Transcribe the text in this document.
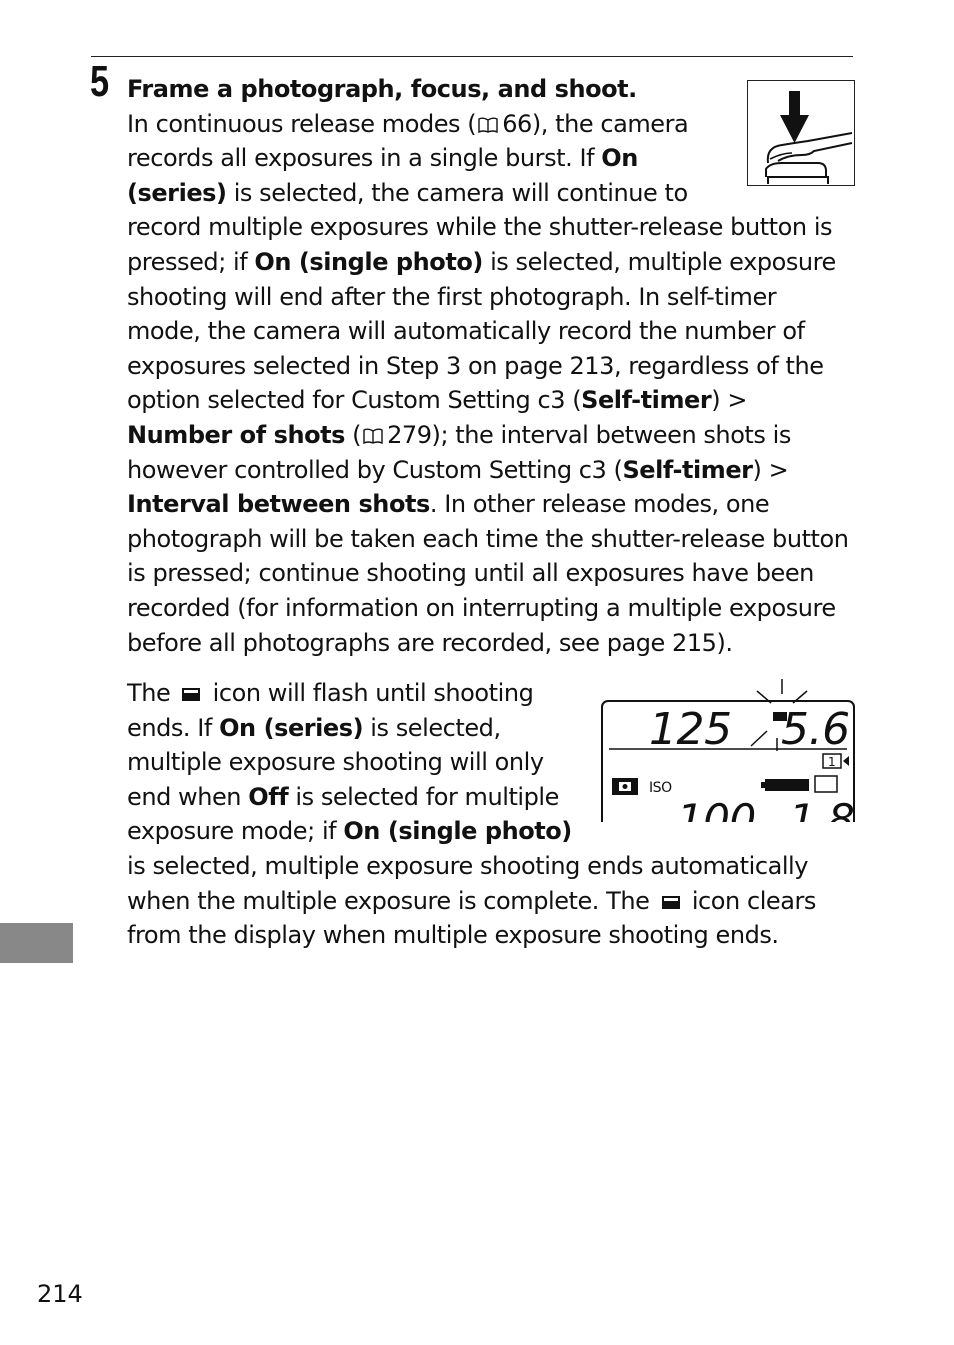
5 Frame a photograph, focus, and shoot.
In continuous release modes ( 66), the camera records all exposures in a single burst. If On (series) is selected, the camera will continue to record multiple exposures while the shutter-release button is pressed; if On (single photo) is selected, multiple exposure shooting will end after the first photograph. In self-timer mode, the camera will automatically record the number of exposures selected in Step 3 on page 213, regardless of the option selected for Custom Setting c3 (Self-timer) > Number of shots ( 279); the interval between shots is however controlled by Custom Setting c3 (Self-timer) > Interval between shots. In other release modes, one photograph will be taken each time the shutter-release button is pressed; continue shooting until all exposures have been recorded (for information on interrupting a multiple exposure before all photographs are recorded, see page 215).
125 5.6
1
ISO
100 1.8
The  icon will flash until shooting ends. If On (series) is selected, multiple exposure shooting will only end when Off is selected for multiple exposure mode; if On (single photo) is selected, multiple exposure shooting ends automatically when the multiple exposure is complete. The  icon clears from the display when multiple exposure shooting ends.
214
